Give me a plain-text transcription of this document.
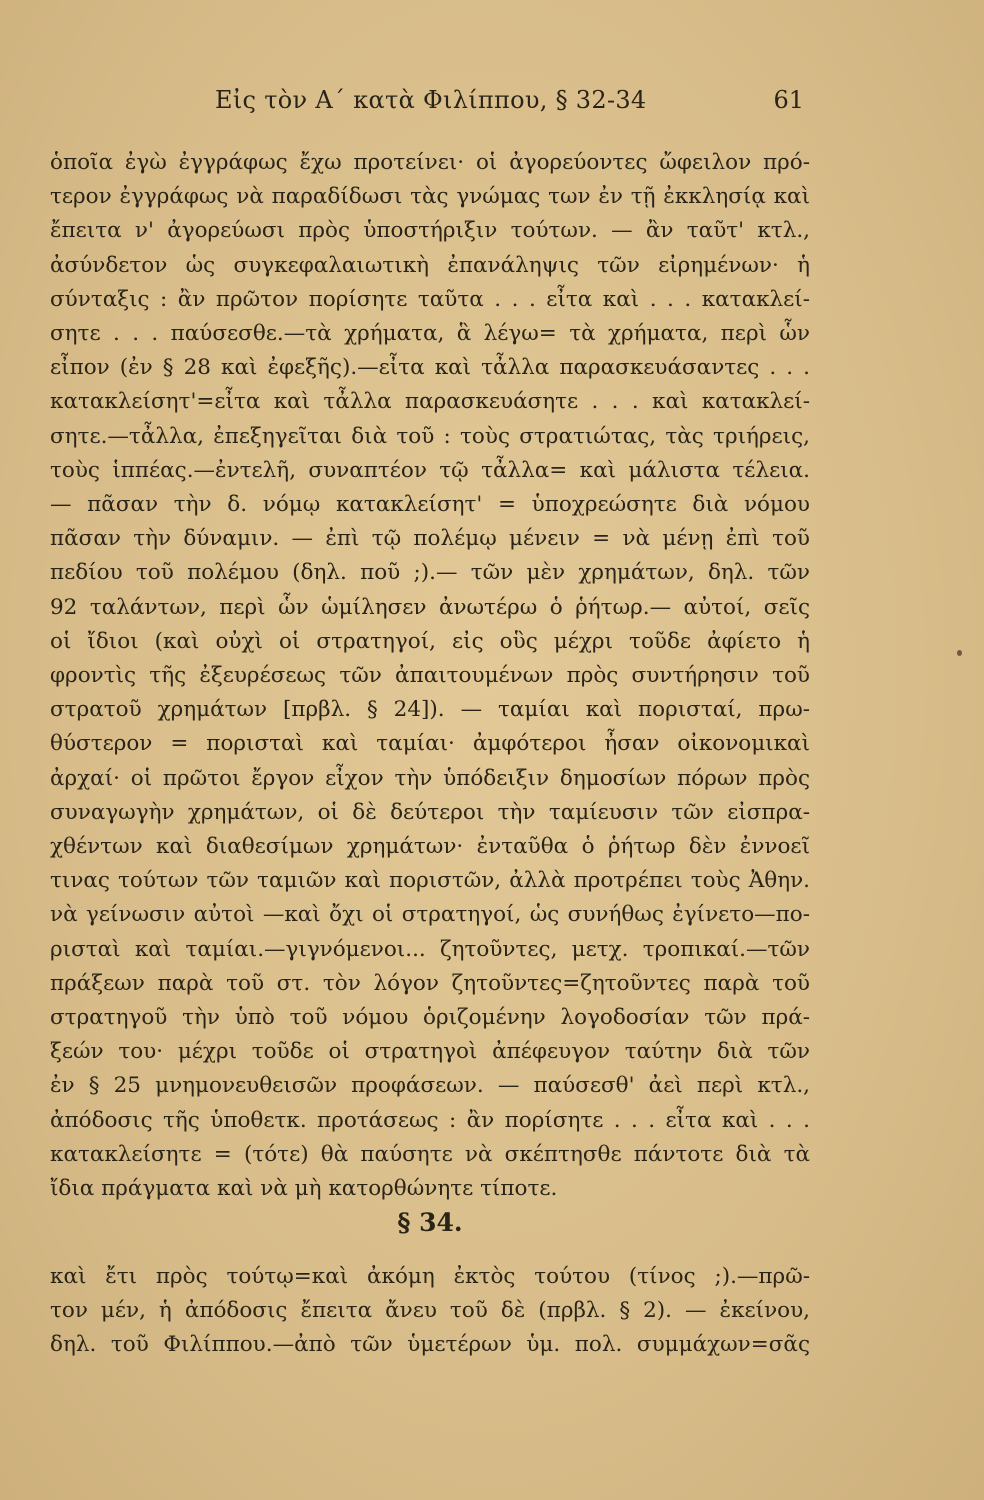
Εἰς τὸν Α΄ κατὰ Φιλίππου, § 32-34	61
ὁποῖα ἐγὼ ἐγγράφως ἔχω προτείνει· οἱ ἀγορεύοντες ὤφειλον πρό-
τερον ἐγγράφως νὰ παραδίδωσι τὰς γνώμας των ἐν τῇ ἐκκλησίᾳ καὶ
ἔπειτα ν' ἀγορεύωσι πρὸς ὑποστήριξιν τούτων. — ἂν ταῦτ' κτλ.,
ἀσύνδετον ὡς συγκεφαλαιωτικὴ ἐπανάληψις τῶν εἰρημένων· ἡ
σύνταξις : ἂν πρῶτον πορίσητε ταῦτα . . . εἶτα καὶ . . . κατακλεί-
σητε . . . παύσεσθε.—τὰ χρήματα, ἃ λέγω= τὰ χρήματα, περὶ ὧν
εἶπον (ἐν § 28 καὶ ἐφεξῆς).—εἶτα καὶ τἆλλα παρασκευάσαντες . . .
κατακλείσητ'=εἶτα καὶ τἆλλα παρασκευάσητε . . . καὶ κατακλεί-
σητε.—τἆλλα, ἐπεξηγεῖται διὰ τοῦ : τοὺς στρατιώτας, τὰς τριήρεις,
τοὺς ἱππέας.—ἐντελῆ, συναπτέον τῷ τἆλλα= καὶ μάλιστα τέλεια.
— πᾶσαν τὴν δ. νόμῳ κατακλείσητ' = ὑποχρεώσητε διὰ νόμου
πᾶσαν τὴν δύναμιν. — ἐπὶ τῷ πολέμῳ μένειν = νὰ μένῃ ἐπὶ τοῦ
πεδίου τοῦ πολέμου (δηλ. ποῦ ;).— τῶν μὲν χρημάτων, δηλ. τῶν
92 ταλάντων, περὶ ὧν ὡμίλησεν ἀνωτέρω ὁ ῥήτωρ.— αὐτοί, σεῖς
οἱ ἴδιοι (καὶ οὐχὶ οἱ στρατηγοί, εἰς οὓς μέχρι τοῦδε ἀφίετο ἡ
φροντὶς τῆς ἐξευρέσεως τῶν ἀπαιτουμένων πρὸς συντήρησιν τοῦ
στρατοῦ χρημάτων [πρβλ. § 24]). — ταμίαι καὶ πορισταί, πρω-
θύστερον = πορισταὶ καὶ ταμίαι· ἀμφότεροι ἦσαν οἰκονομικαὶ
ἀρχαί· οἱ πρῶτοι ἔργον εἶχον τὴν ὑπόδειξιν δημοσίων πόρων πρὸς
συναγωγὴν χρημάτων, οἱ δὲ δεύτεροι τὴν ταμίευσιν τῶν εἰσπρα-
χθέντων καὶ διαθεσίμων χρημάτων· ἐνταῦθα ὁ ῥήτωρ δὲν ἐννοεῖ
τινας τούτων τῶν ταμιῶν καὶ ποριστῶν, ἀλλὰ προτρέπει τοὺς Ἀθην.
νὰ γείνωσιν αὐτοὶ —καὶ ὄχι οἱ στρατηγοί, ὡς συνήθως ἐγίνετο—πο-
ρισταὶ καὶ ταμίαι.—γιγνόμενοι... ζητοῦντες, μετχ. τροπικαί.—τῶν
πράξεων παρὰ τοῦ στ. τὸν λόγον ζητοῦντες=ζητοῦντες παρὰ τοῦ
στρατηγοῦ τὴν ὑπὸ τοῦ νόμου ὁριζομένην λογοδοσίαν τῶν πρά-
ξεών του· μέχρι τοῦδε οἱ στρατηγοὶ ἀπέφευγον ταύτην διὰ τῶν
ἐν § 25 μνημονευθεισῶν προφάσεων. — παύσεσθ' ἀεὶ περὶ κτλ.,
ἀπόδοσις τῆς ὑποθετκ. προτάσεως : ἂν πορίσητε . . . εἶτα καὶ . . .
κατακλείσητε = (τότε) θὰ παύσητε νὰ σκέπτησθε πάντοτε διὰ τὰ
ἴδια πράγματα καὶ νὰ μὴ κατορθώνητε τίποτε.
§ 34.
καὶ ἔτι πρὸς τούτῳ=καὶ ἀκόμη ἐκτὸς τούτου (τίνος ;).—πρῶ-
τον μέν, ἡ ἀπόδοσις ἔπειτα ἄνευ τοῦ δὲ (πρβλ. § 2). — ἐκείνου,
δηλ. τοῦ Φιλίππου.—ἀπὸ τῶν ὑμετέρων ὑμ. πολ. συμμάχων=σᾶς
